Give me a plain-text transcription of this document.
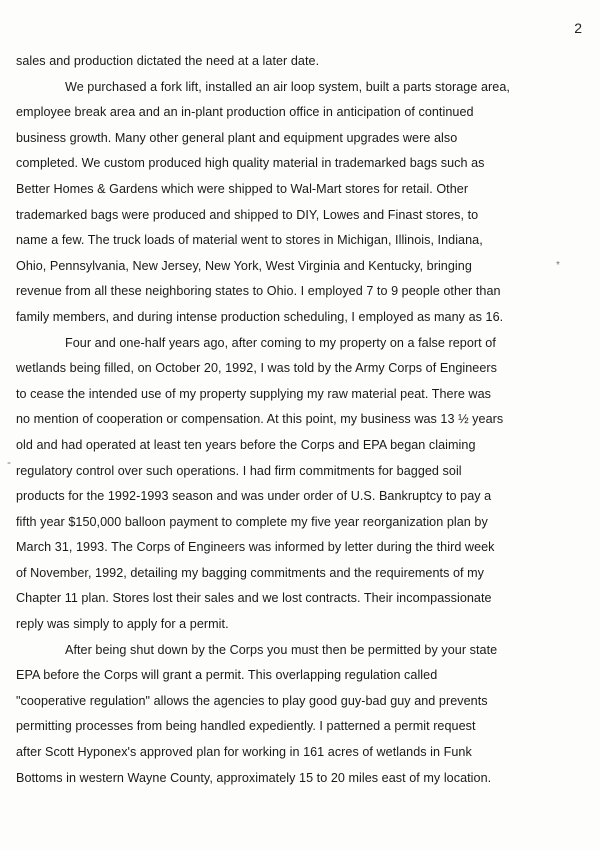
2
-
*
sales and production dictated the need at a later date.
We purchased a fork lift, installed an air loop system, built a parts storage area,
employee break area and an in-plant production office in anticipation of continued
business growth. Many other general plant and equipment upgrades were also
completed. We custom produced high quality material in trademarked bags such as
Better Homes & Gardens which were shipped to Wal-Mart stores for retail. Other
trademarked bags were produced and shipped to DIY, Lowes and Finast stores, to
name a few. The truck loads of material went to stores in Michigan, Illinois, Indiana,
Ohio, Pennsylvania, New Jersey, New York, West Virginia and Kentucky, bringing
revenue from all these neighboring states to Ohio. I employed 7 to 9 people other than
family members, and during intense production scheduling, I employed as many as 16.
Four and one-half years ago, after coming to my property on a false report of
wetlands being filled, on October 20, 1992, I was told by the Army Corps of Engineers
to cease the intended use of my property supplying my raw material peat. There was
no mention of cooperation or compensation. At this point, my business was 13 ½ years
old and had operated at least ten years before the Corps and EPA began claiming
regulatory control over such operations. I had firm commitments for bagged soil
products for the 1992-1993 season and was under order of U.S. Bankruptcy to pay a
fifth year $150,000 balloon payment to complete my five year reorganization plan by
March 31, 1993. The Corps of Engineers was informed by letter during the third week
of November, 1992, detailing my bagging commitments and the requirements of my
Chapter 11 plan. Stores lost their sales and we lost contracts. Their incompassionate
reply was simply to apply for a permit.
After being shut down by the Corps you must then be permitted by your state
EPA before the Corps will grant a permit. This overlapping regulation called
"cooperative regulation" allows the agencies to play good guy-bad guy and prevents
permitting processes from being handled expediently. I patterned a permit request
after Scott Hyponex's approved plan for working in 161 acres of wetlands in Funk
Bottoms in western Wayne County, approximately 15 to 20 miles east of my location.
